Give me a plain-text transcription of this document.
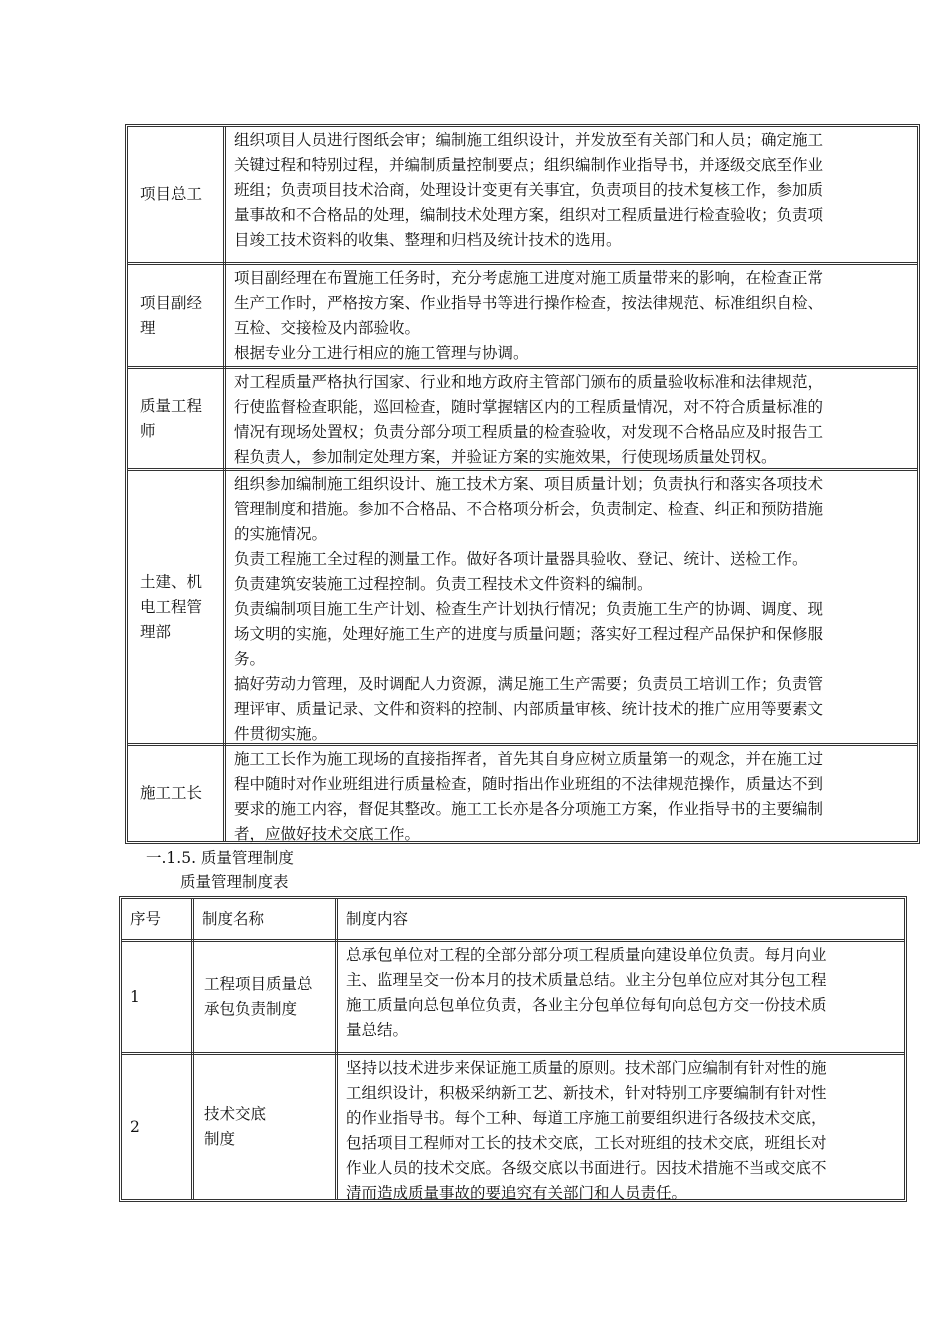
项目总工
组织项目人员进行图纸会审；编制施工组织设计，并发放至有关部门和人员；确定施工
关键过程和特别过程，并编制质量控制要点；组织编制作业指导书，并逐级交底至作业
班组；负责项目技术洽商，处理设计变更有关事宜，负责项目的技术复核工作，参加质
量事故和不合格品的处理，编制技术处理方案，组织对工程质量进行检查验收；负责项
目竣工技术资料的收集、整理和归档及统计技术的选用。
项目副经
理
项目副经理在布置施工任务时，充分考虑施工进度对施工质量带来的影响，在检查正常
生产工作时，严格按方案、作业指导书等进行操作检查，按法律规范、标准组织自检、
互检、交接检及内部验收。
根据专业分工进行相应的施工管理与协调。
质量工程
师
对工程质量严格执行国家、行业和地方政府主管部门颁布的质量验收标准和法律规范，
行使监督检查职能，巡回检查，随时掌握辖区内的工程质量情况，对不符合质量标准的
情况有现场处置权；负责分部分项工程质量的检查验收，对发现不合格品应及时报告工
程负责人，参加制定处理方案，并验证方案的实施效果，行使现场质量处罚权。
土建、机
电工程管
理部
组织参加编制施工组织设计、施工技术方案、项目质量计划；负责执行和落实各项技术
管理制度和措施。参加不合格品、不合格项分析会，负责制定、检查、纠正和预防措施
的实施情况。
负责工程施工全过程的测量工作。做好各项计量器具验收、登记、统计、送检工作。
负责建筑安装施工过程控制。负责工程技术文件资料的编制。
负责编制项目施工生产计划、检查生产计划执行情况；负责施工生产的协调、调度、现
场文明的实施，处理好施工生产的进度与质量问题；落实好工程过程产品保护和保修服
务。
搞好劳动力管理，及时调配人力资源，满足施工生产需要；负责员工培训工作；负责管
理评审、质量记录、文件和资料的控制、内部质量审核、统计技术的推广应用等要素文
件贯彻实施。
施工工长
施工工长作为施工现场的直接指挥者，首先其自身应树立质量第一的观念，并在施工过
程中随时对作业班组进行质量检查，随时指出作业班组的不法律规范操作，质量达不到
要求的施工内容，督促其整改。施工工长亦是各分项施工方案，作业指导书的主要编制
者，应做好技术交底工作。
一.1.5. 质量管理制度
质量管理制度表
序号	制度名称	制度内容
1
工程项目质量总
承包负责制度
总承包单位对工程的全部分部分项工程质量向建设单位负责。每月向业
主、监理呈交一份本月的技术质量总结。业主分包单位应对其分包工程
施工质量向总包单位负责，各业主分包单位每旬向总包方交一份技术质
量总结。
2
技术交底
制度
坚持以技术进步来保证施工质量的原则。技术部门应编制有针对性的施
工组织设计，积极采纳新工艺、新技术，针对特别工序要编制有针对性
的作业指导书。每个工种、每道工序施工前要组织进行各级技术交底，
包括项目工程师对工长的技术交底，工长对班组的技术交底，班组长对
作业人员的技术交底。各级交底以书面进行。因技术措施不当或交底不
清而造成质量事故的要追究有关部门和人员责任。
